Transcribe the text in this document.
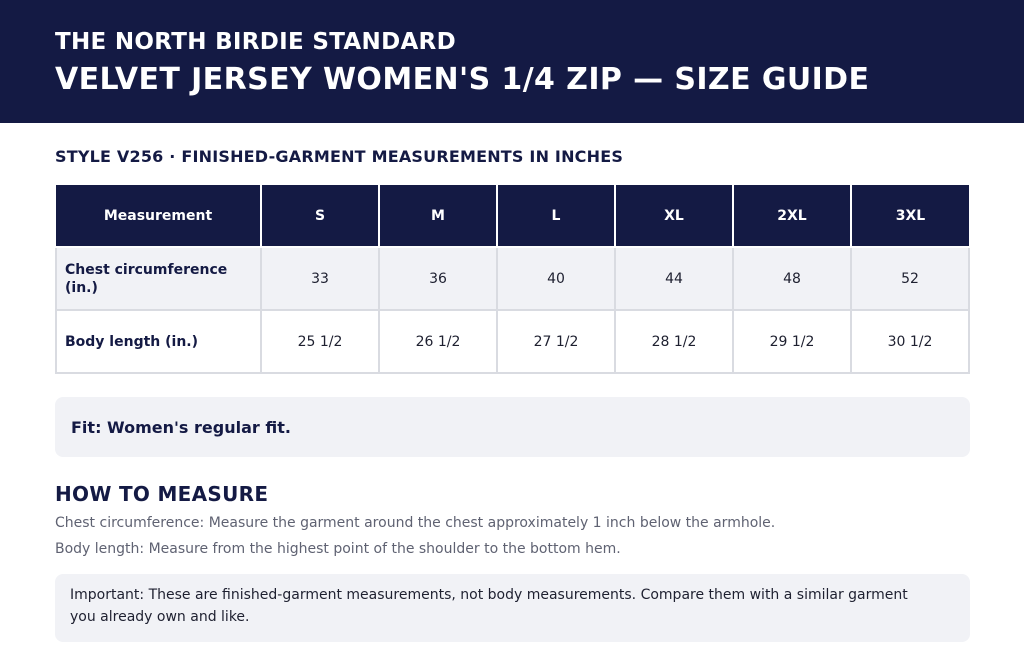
THE NORTH BIRDIE STANDARD
VELVET JERSEY WOMEN'S 1/4 ZIP — SIZE GUIDE
STYLE V256 · FINISHED-GARMENT MEASUREMENTS IN INCHES
Measurement	S	M	L	XL	2XL	3XL
Chest circumference (in.)	33	36	40	44	48	52
Body length (in.)	25 1/2	26 1/2	27 1/2	28 1/2	29 1/2	30 1/2
Fit: Women's regular fit.
HOW TO MEASURE
Chest circumference: Measure the garment around the chest approximately 1 inch below the armhole.
Body length: Measure from the highest point of the shoulder to the bottom hem.
Important: These are finished-garment measurements, not body measurements. Compare them with a similar garment you already own and like.
